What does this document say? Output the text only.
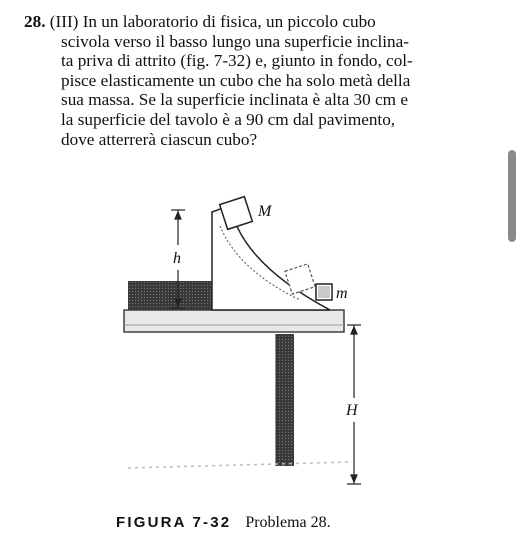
28. (III) In un laboratorio di fisica, un piccolo cubo

scivola verso il basso lungo una superficie inclina-

ta priva di attrito (fig. 7-32) e, giunto in fondo, col-

pisce elasticamente un cubo che ha solo metà della

sua massa. Se la superficie inclinata è alta 30 cm e

la superficie del tavolo è a 90 cm dal pavimento,

dove atterrerà ciascun cubo?

h
H
M
m
FIGURA 7-32 Problema 28.
